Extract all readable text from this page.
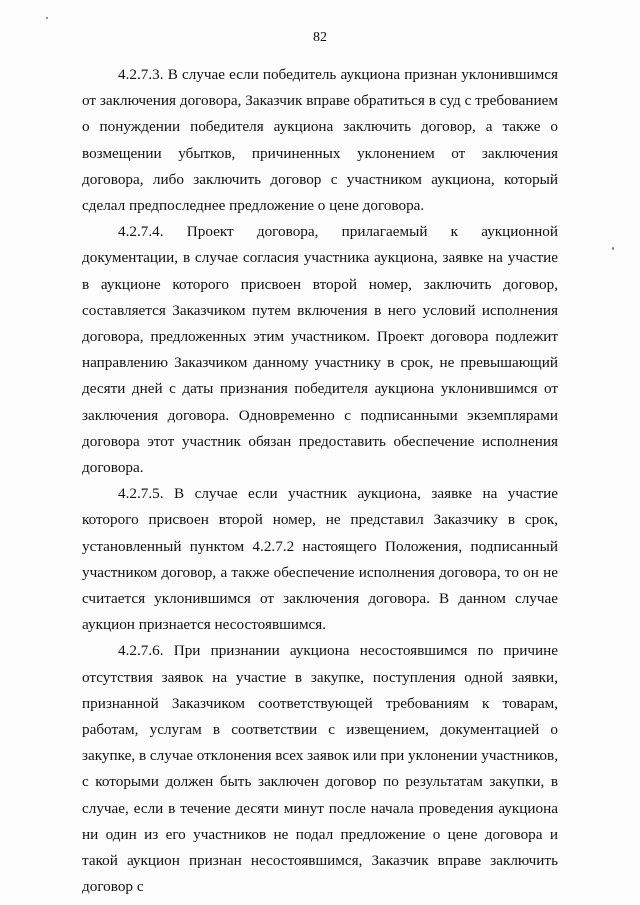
82

4.2.7.3. В случае если победитель аукциона признан уклонившимся от заключения договора, Заказчик вправе обратиться в суд с требованием о понуждении победителя аукциона заключить договор, а также о возмещении убытков, причиненных уклонением от заключения договора, либо заключить договор с участником аукциона, который сделал предпоследнее предложение о цене договора.

4.2.7.4. Проект договора, прилагаемый к аукционной документации, в случае согласия участника аукциона, заявке на участие в аукционе которого присвоен второй номер, заключить договор, составляется Заказчиком путем включения в него условий исполнения договора, предложенных этим участником. Проект договора подлежит направлению Заказчиком данному участнику в срок, не превышающий десяти дней с даты признания победителя аукциона уклонившимся от заключения договора. Одновременно с подписанными экземплярами договора этот участник обязан предоставить обеспечение исполнения договора.

4.2.7.5. В случае если участник аукциона, заявке на участие которого присвоен второй номер, не представил Заказчику в срок, установленный пунктом 4.2.7.2 настоящего Положения, подписанный участником договор, а также обеспечение исполнения договора, то он не считается уклонившимся от заключения договора. В данном случае аукцион признается несостоявшимся.

4.2.7.6. При признании аукциона несостоявшимся по причине отсутствия заявок на участие в закупке, поступления одной заявки, признанной Заказчиком соответствующей требованиям к товарам, работам, услугам в соответствии с извещением, документацией о закупке, в случае отклонения всех заявок или при уклонении участников, с которыми должен быть заключен договор по результатам закупки, в случае, если в течение десяти минут после начала проведения аукциона ни один из его участников не подал предложение о цене договора и такой аукцион признан несостоявшимся, Заказчик вправе заключить договор с
